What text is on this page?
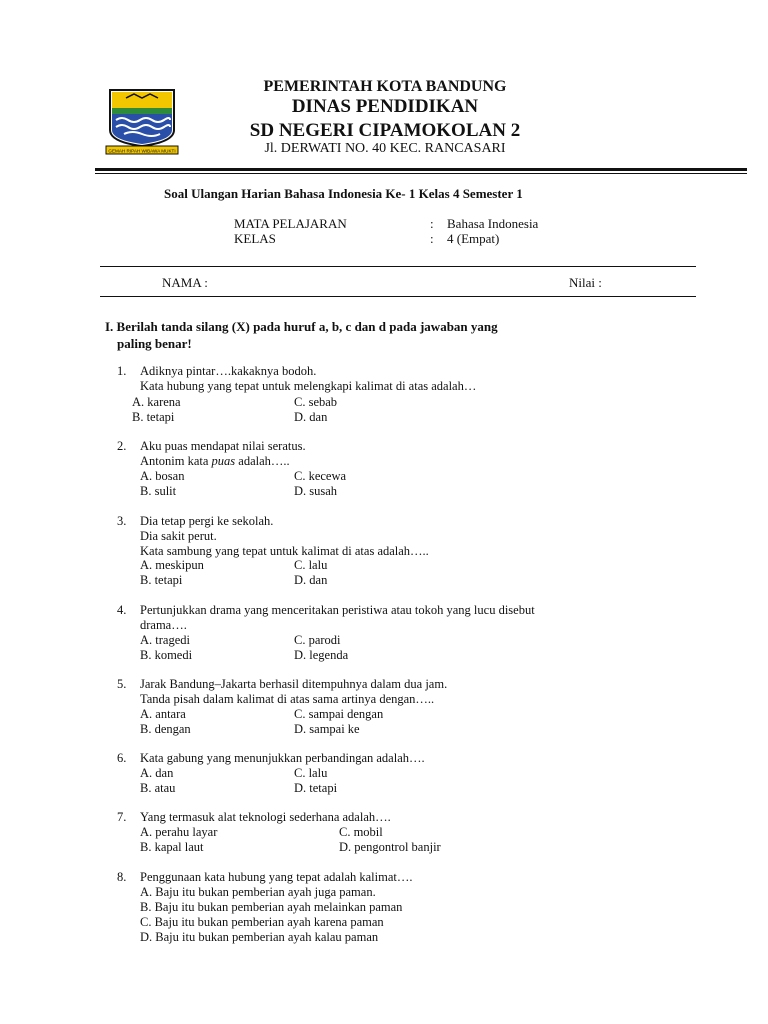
GEMAH RIPAH WIBAWA MUKTI
PEMERINTAH KOTA BANDUNG
DINAS PENDIDIKAN
SD NEGERI CIPAMOKOLAN 2
Jl. DERWATI NO. 40 KEC. RANCASARI
Soal Ulangan Harian Bahasa Indonesia Ke- 1 Kelas 4 Semester 1
MATA PELAJARAN	: Bahasa Indonesia
KELAS	: 4 (Empat)
NAMA :	Nilai :
I. Berilah tanda silang (X) pada huruf a, b, c dan d pada jawaban yang
paling benar!
1. Adiknya pintar….kakaknya bodoh.
Kata hubung yang tepat untuk melengkapi kalimat di atas adalah…
A. karena
B. tetapi
C. sebab
D. dan
2. Aku puas mendapat nilai seratus.
Antonim kata puas adalah…..
A. bosan
B. sulit
C. kecewa
D. susah
3. Dia tetap pergi ke sekolah.
Dia sakit perut.
Kata sambung yang tepat untuk kalimat di atas adalah…..
A. meskipun
B. tetapi
C. lalu
D. dan
4. Pertunjukkan drama yang menceritakan peristiwa atau tokoh yang lucu disebut
drama….
A. tragedi
B. komedi
C. parodi
D. legenda
5. Jarak Bandung–Jakarta berhasil ditempuhnya dalam dua jam.
Tanda pisah dalam kalimat di atas sama artinya dengan…..
A. antara
B. dengan
C. sampai dengan
D. sampai ke
6. Kata gabung yang menunjukkan perbandingan adalah….
A. dan
B. atau
C. lalu
D. tetapi
7. Yang termasuk alat teknologi sederhana adalah….
A. perahu layar
B. kapal laut
C. mobil
D. pengontrol banjir
8. Penggunaan kata hubung yang tepat adalah kalimat….
A. Baju itu bukan pemberian ayah juga paman.
B. Baju itu bukan pemberian ayah melainkan paman
C. Baju itu bukan pemberian ayah karena paman
D. Baju itu bukan pemberian ayah kalau paman
